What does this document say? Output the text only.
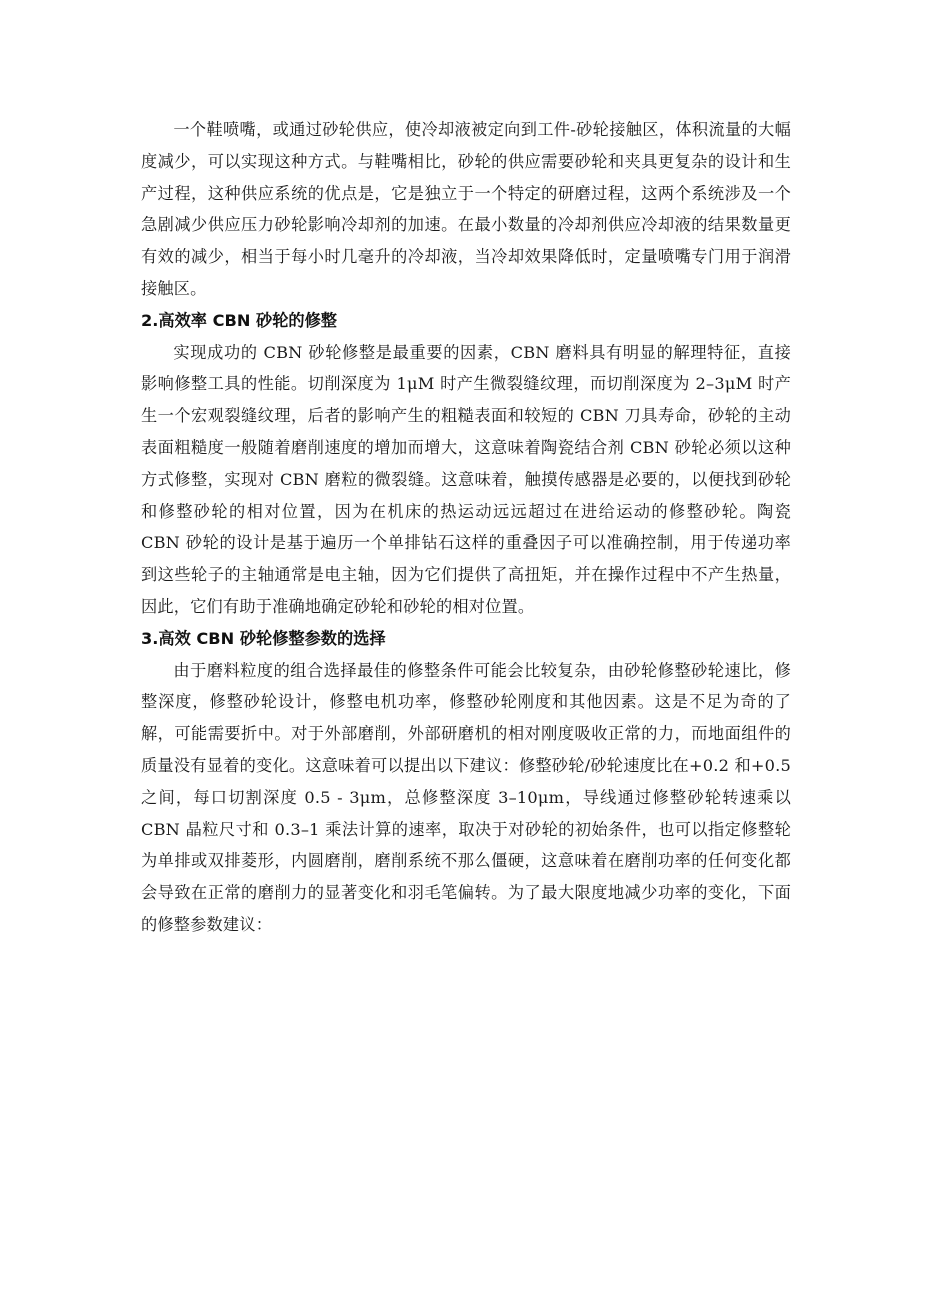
一个鞋喷嘴，或通过砂轮供应，使冷却液被定向到工件-砂轮接触区，体积流量的大幅度减少，可以实现这种方式。与鞋嘴相比，砂轮的供应需要砂轮和夹具更复杂的设计和生产过程，这种供应系统的优点是，它是独立于一个特定的研磨过程，这两个系统涉及一个急剧减少供应压力砂轮影响冷却剂的加速。在最小数量的冷却剂供应冷却液的结果数量更有效的减少，相当于每小时几毫升的冷却液，当冷却效果降低时，定量喷嘴专门用于润滑接触区。

2.高效率 CBN 砂轮的修整

实现成功的 CBN 砂轮修整是最重要的因素，CBN 磨料具有明显的解理特征，直接影响修整工具的性能。切削深度为 1μM 时产生微裂缝纹理，而切削深度为 2–3μM 时产生一个宏观裂缝纹理，后者的影响产生的粗糙表面和较短的 CBN 刀具寿命，砂轮的主动表面粗糙度一般随着磨削速度的增加而增大，这意味着陶瓷结合剂 CBN 砂轮必须以这种方式修整，实现对 CBN 磨粒的微裂缝。这意味着，触摸传感器是必要的，以便找到砂轮和修整砂轮的相对位置，因为在机床的热运动远远超过在进给运动的修整砂轮。陶瓷 CBN 砂轮的设计是基于遍历一个单排钻石这样的重叠因子可以准确控制，用于传递功率到这些轮子的主轴通常是电主轴，因为它们提供了高扭矩，并在操作过程中不产生热量，因此，它们有助于准确地确定砂轮和砂轮的相对位置。

3.高效 CBN 砂轮修整参数的选择

由于磨料粒度的组合选择最佳的修整条件可能会比较复杂，由砂轮修整砂轮速比，修整深度，修整砂轮设计，修整电机功率，修整砂轮刚度和其他因素。这是不足为奇的了解，可能需要折中。对于外部磨削，外部研磨机的相对刚度吸收正常的力，而地面组件的质量没有显着的变化。这意味着可以提出以下建议：修整砂轮/砂轮速度比在+0.2 和+0.5 之间，每口切割深度 0.5 - 3μm，总修整深度 3–10μm，导线通过修整砂轮转速乘以 CBN 晶粒尺寸和 0.3–1 乘法计算的速率，取决于对砂轮的初始条件，也可以指定修整轮为单排或双排菱形，内圆磨削，磨削系统不那么僵硬，这意味着在磨削功率的任何变化都会导致在正常的磨削力的显著变化和羽毛笔偏转。为了最大限度地减少功率的变化，下面的修整参数建议：
